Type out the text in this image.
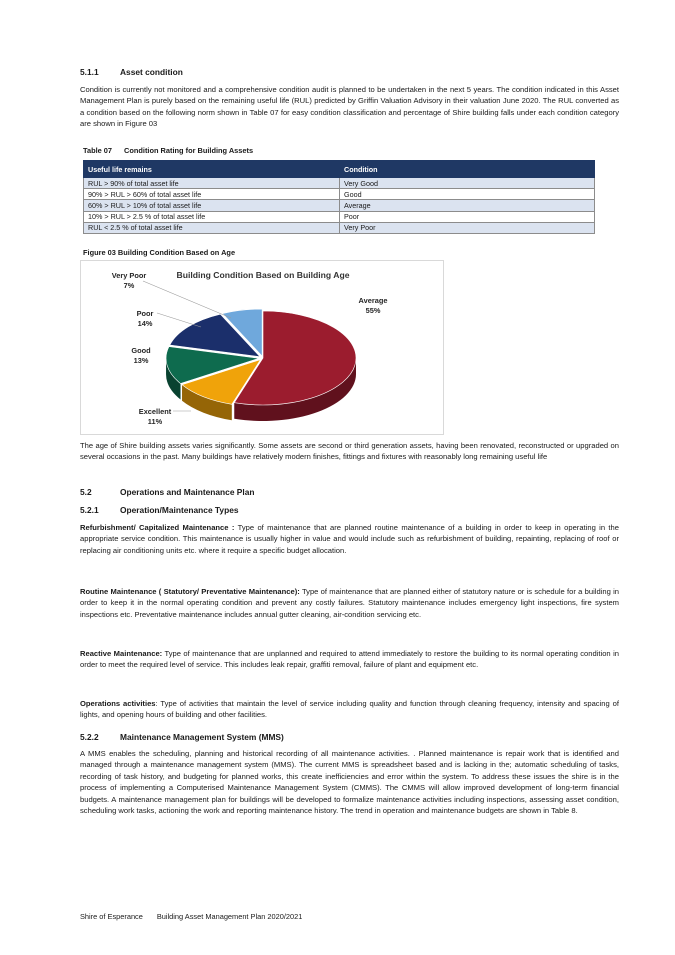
5.1.1	Asset condition
Condition is currently not monitored and a comprehensive condition audit is planned to be undertaken in the next 5 years. The condition indicated in this Asset Management Plan is purely based on the remaining useful life (RUL) predicted by Griffin Valuation Advisory in their valuation June 2020. The RUL converted as a condition based on the following norm shown in Table 07 for easy condition classification and percentage of Shire building falls under each condition category are shown in Figure 03
Table 07 Condition Rating for Building Assets
Useful life remains	Condition
RUL > 90% of total asset life	Very Good
90% > RUL > 60% of total asset life	Good
60% > RUL > 10% of total asset life	Average
10% > RUL > 2.5 % of total asset life	Poor
RUL < 2.5 % of total asset life	Very Poor
Figure 03 Building Condition Based on Age
Building Condition Based on Building Age
Average
55%
Excellent
11%
Good
13%
Poor
14%
Very Poor
7%
The age of Shire building assets varies significantly. Some assets are second or third generation assets, having been renovated, reconstructed or upgraded on several occasions in the past. Many buildings have relatively modern finishes, fittings and fixtures with reasonably long remaining useful life
5.2	Operations and Maintenance Plan
5.2.1	Operation/Maintenance Types
Refurbishment/ Capitalized Maintenance : Type of maintenance that are planned routine maintenance of a building in order to keep in operating in the appropriate service condition. This maintenance is usually higher in value and would include such as refurbishment of building, repainting, replacing of roof or replacing air conditioning units etc. where it require a specific budget allocation.
Routine Maintenance ( Statutory/ Preventative Maintenance): Type of maintenance that are planned either of statutory nature or is schedule for a building in order to keep it in the normal operating condition and prevent any costly failures. Statutory maintenance includes emergency light inspections, fire system inspections etc. Preventative maintenance includes annual gutter cleaning, air-condition servicing etc.
Reactive Maintenance: Type of maintenance that are unplanned and required to attend immediately to restore the building to its normal operating condition in order to meet the required level of service. This includes leak repair, graffiti removal, failure of plant and equipment etc.
Operations activities: Type of activities that maintain the level of service including quality and function through cleaning frequency, intensity and spacing of lights, and opening hours of building and other facilities.
5.2.2	Maintenance Management System (MMS)
A MMS enables the scheduling, planning and historical recording of all maintenance activities. . Planned maintenance is repair work that is identified and managed through a maintenance management system (MMS). The current MMS is spreadsheet based and is lacking in the; automatic scheduling of tasks, recording of task history, and budgeting for planned works, this create inefficiencies and error within the system. To address these issues the shire is in the process of implementing a Computerised Maintenance Management System (CMMS). The CMMS will allow improved development of long-term financial budgets. A maintenance management plan for buildings will be developed to formalize maintenance activities including inspections, assessing asset condition, scheduling work tasks, actioning the work and reporting maintenance history. The trend in operation and maintenance budgets are shown in Table 8.
Shire of Esperance Building Asset Management Plan 2020/2021
